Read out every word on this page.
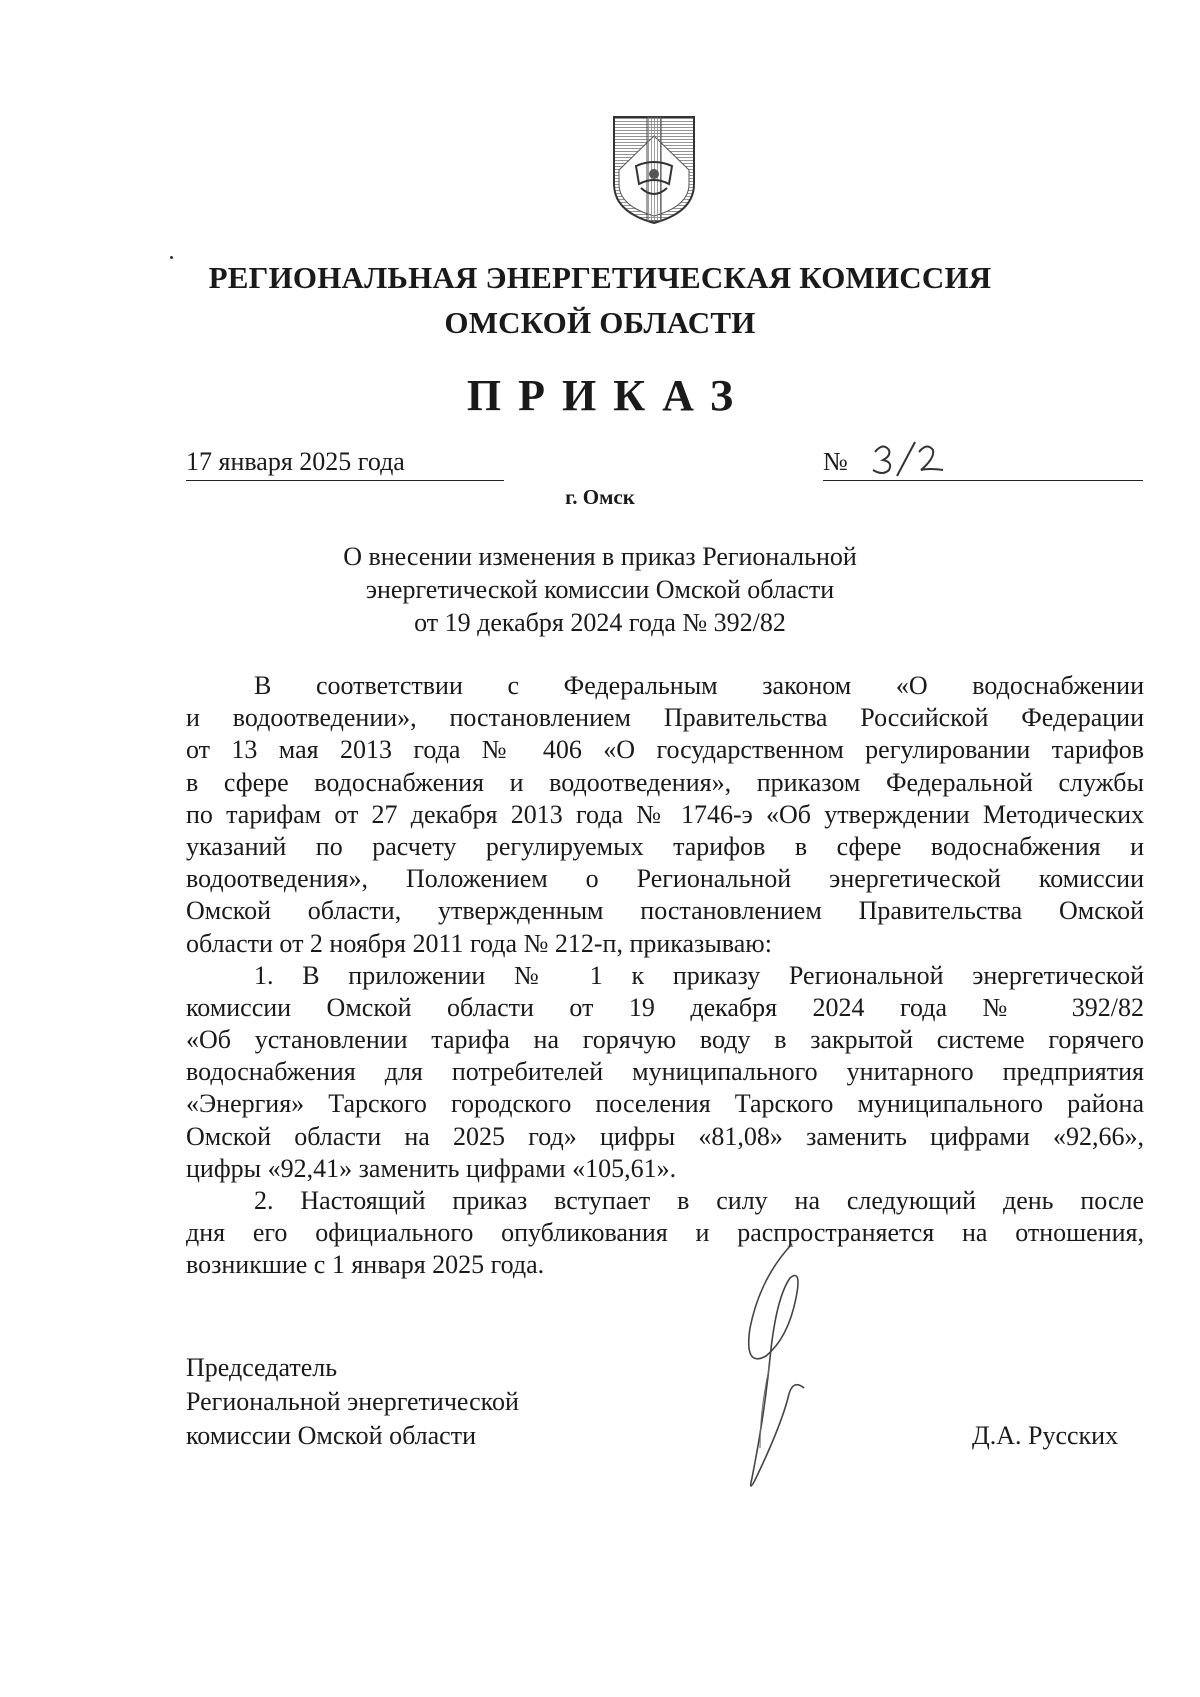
РЕГИОНАЛЬНАЯ ЭНЕРГЕТИЧЕСКАЯ КОМИССИЯ
ОМСКОЙ ОБЛАСТИ
ПРИКАЗ
17 января 2025 года	№
г. Омск
О внесении изменения в приказ Региональной
энергетической комиссии Омской области
от 19 декабря 2024 года № 392/82
В соответствии с Федеральным законом «О водоснабжении
и водоотведении», постановлением Правительства Российской Федерации
от 13 мая 2013 года № 406 «О государственном регулировании тарифов
в сфере водоснабжения и водоотведения», приказом Федеральной службы
по тарифам от 27 декабря 2013 года № 1746-э «Об утверждении Методических
указаний по расчету регулируемых тарифов в сфере водоснабжения и
водоотведения», Положением о Региональной энергетической комиссии
Омской области, утвержденным постановлением Правительства Омской
области от 2 ноября 2011 года № 212-п, приказываю:
1. В приложении № 1 к приказу Региональной энергетической
комиссии Омской области от 19 декабря 2024 года № 392/82
«Об установлении тарифа на горячую воду в закрытой системе горячего
водоснабжения для потребителей муниципального унитарного предприятия
«Энергия» Тарского городского поселения Тарского муниципального района
Омской области на 2025 год» цифры «81,08» заменить цифрами «92,66»,
цифры «92,41» заменить цифрами «105,61».
2. Настоящий приказ вступает в силу на следующий день после
дня его официального опубликования и распространяется на отношения,
возникшие с 1 января 2025 года.
Председатель
Региональной энергетической
комиссии Омской области	Д.А. Русских
